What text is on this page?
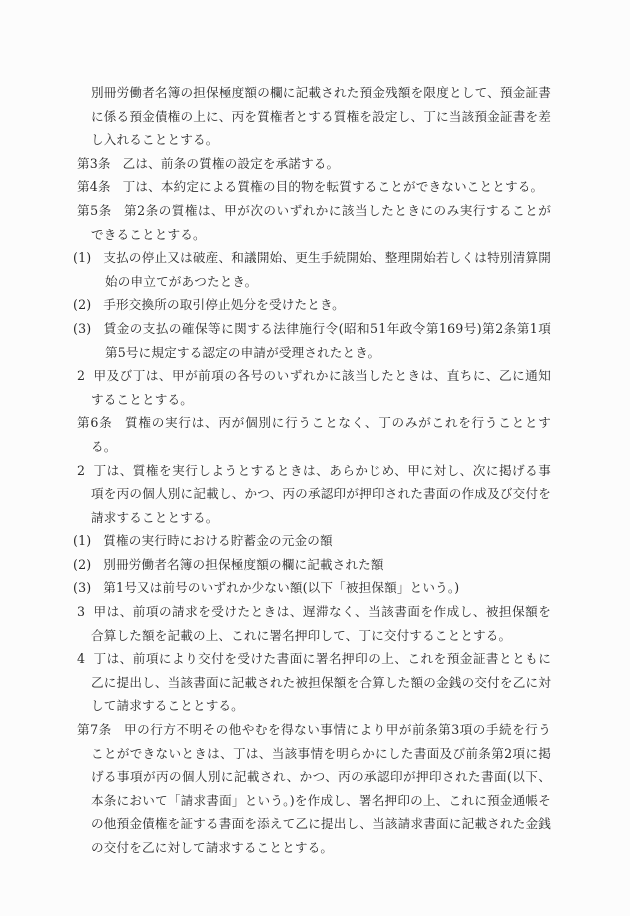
別冊労働者名簿の担保極度額の欄に記載された預金残額を限度として、預金証書に係る預金債権の上に、丙を質権者とする質権を設定し、丁に当該預金証書を差し入れることとする。

第3条 乙は、前条の質権の設定を承諾する。

第4条 丁は、本約定による質権の目的物を転質することができないこととする。

第5条 第2条の質権は、甲が次のいずれかに該当したときにのみ実行することができることとする。

(1) 支払の停止又は破産、和議開始、更生手続開始、整理開始若しくは特別清算開始の申立てがあつたとき。

(2) 手形交換所の取引停止処分を受けたとき。

(3) 賃金の支払の確保等に関する法律施行令(昭和51年政令第169号)第2条第1項第5号に規定する認定の申請が受理されたとき。

2 甲及び丁は、甲が前項の各号のいずれかに該当したときは、直ちに、乙に通知することとする。

第6条 質権の実行は、丙が個別に行うことなく、丁のみがこれを行うこととする。

2 丁は、質権を実行しようとするときは、あらかじめ、甲に対し、次に掲げる事項を丙の個人別に記載し、かつ、丙の承認印が押印された書面の作成及び交付を請求することとする。

(1) 質権の実行時における貯蓄金の元金の額

(2) 別冊労働者名簿の担保極度額の欄に記載された額

(3) 第1号又は前号のいずれか少ない額(以下「被担保額」という。)

3 甲は、前項の請求を受けたときは、遅滞なく、当該書面を作成し、被担保額を合算した額を記載の上、これに署名押印して、丁に交付することとする。

4 丁は、前項により交付を受けた書面に署名押印の上、これを預金証書とともに乙に提出し、当該書面に記載された被担保額を合算した額の金銭の交付を乙に対して請求することとする。

第7条 甲の行方不明その他やむを得ない事情により甲が前条第3項の手続を行うことができないときは、丁は、当該事情を明らかにした書面及び前条第2項に掲げる事項が丙の個人別に記載され、かつ、丙の承認印が押印された書面(以下、本条において「請求書面」という。)を作成し、署名押印の上、これに預金通帳その他預金債権を証する書面を添えて乙に提出し、当該請求書面に記載された金銭の交付を乙に対して請求することとする。
